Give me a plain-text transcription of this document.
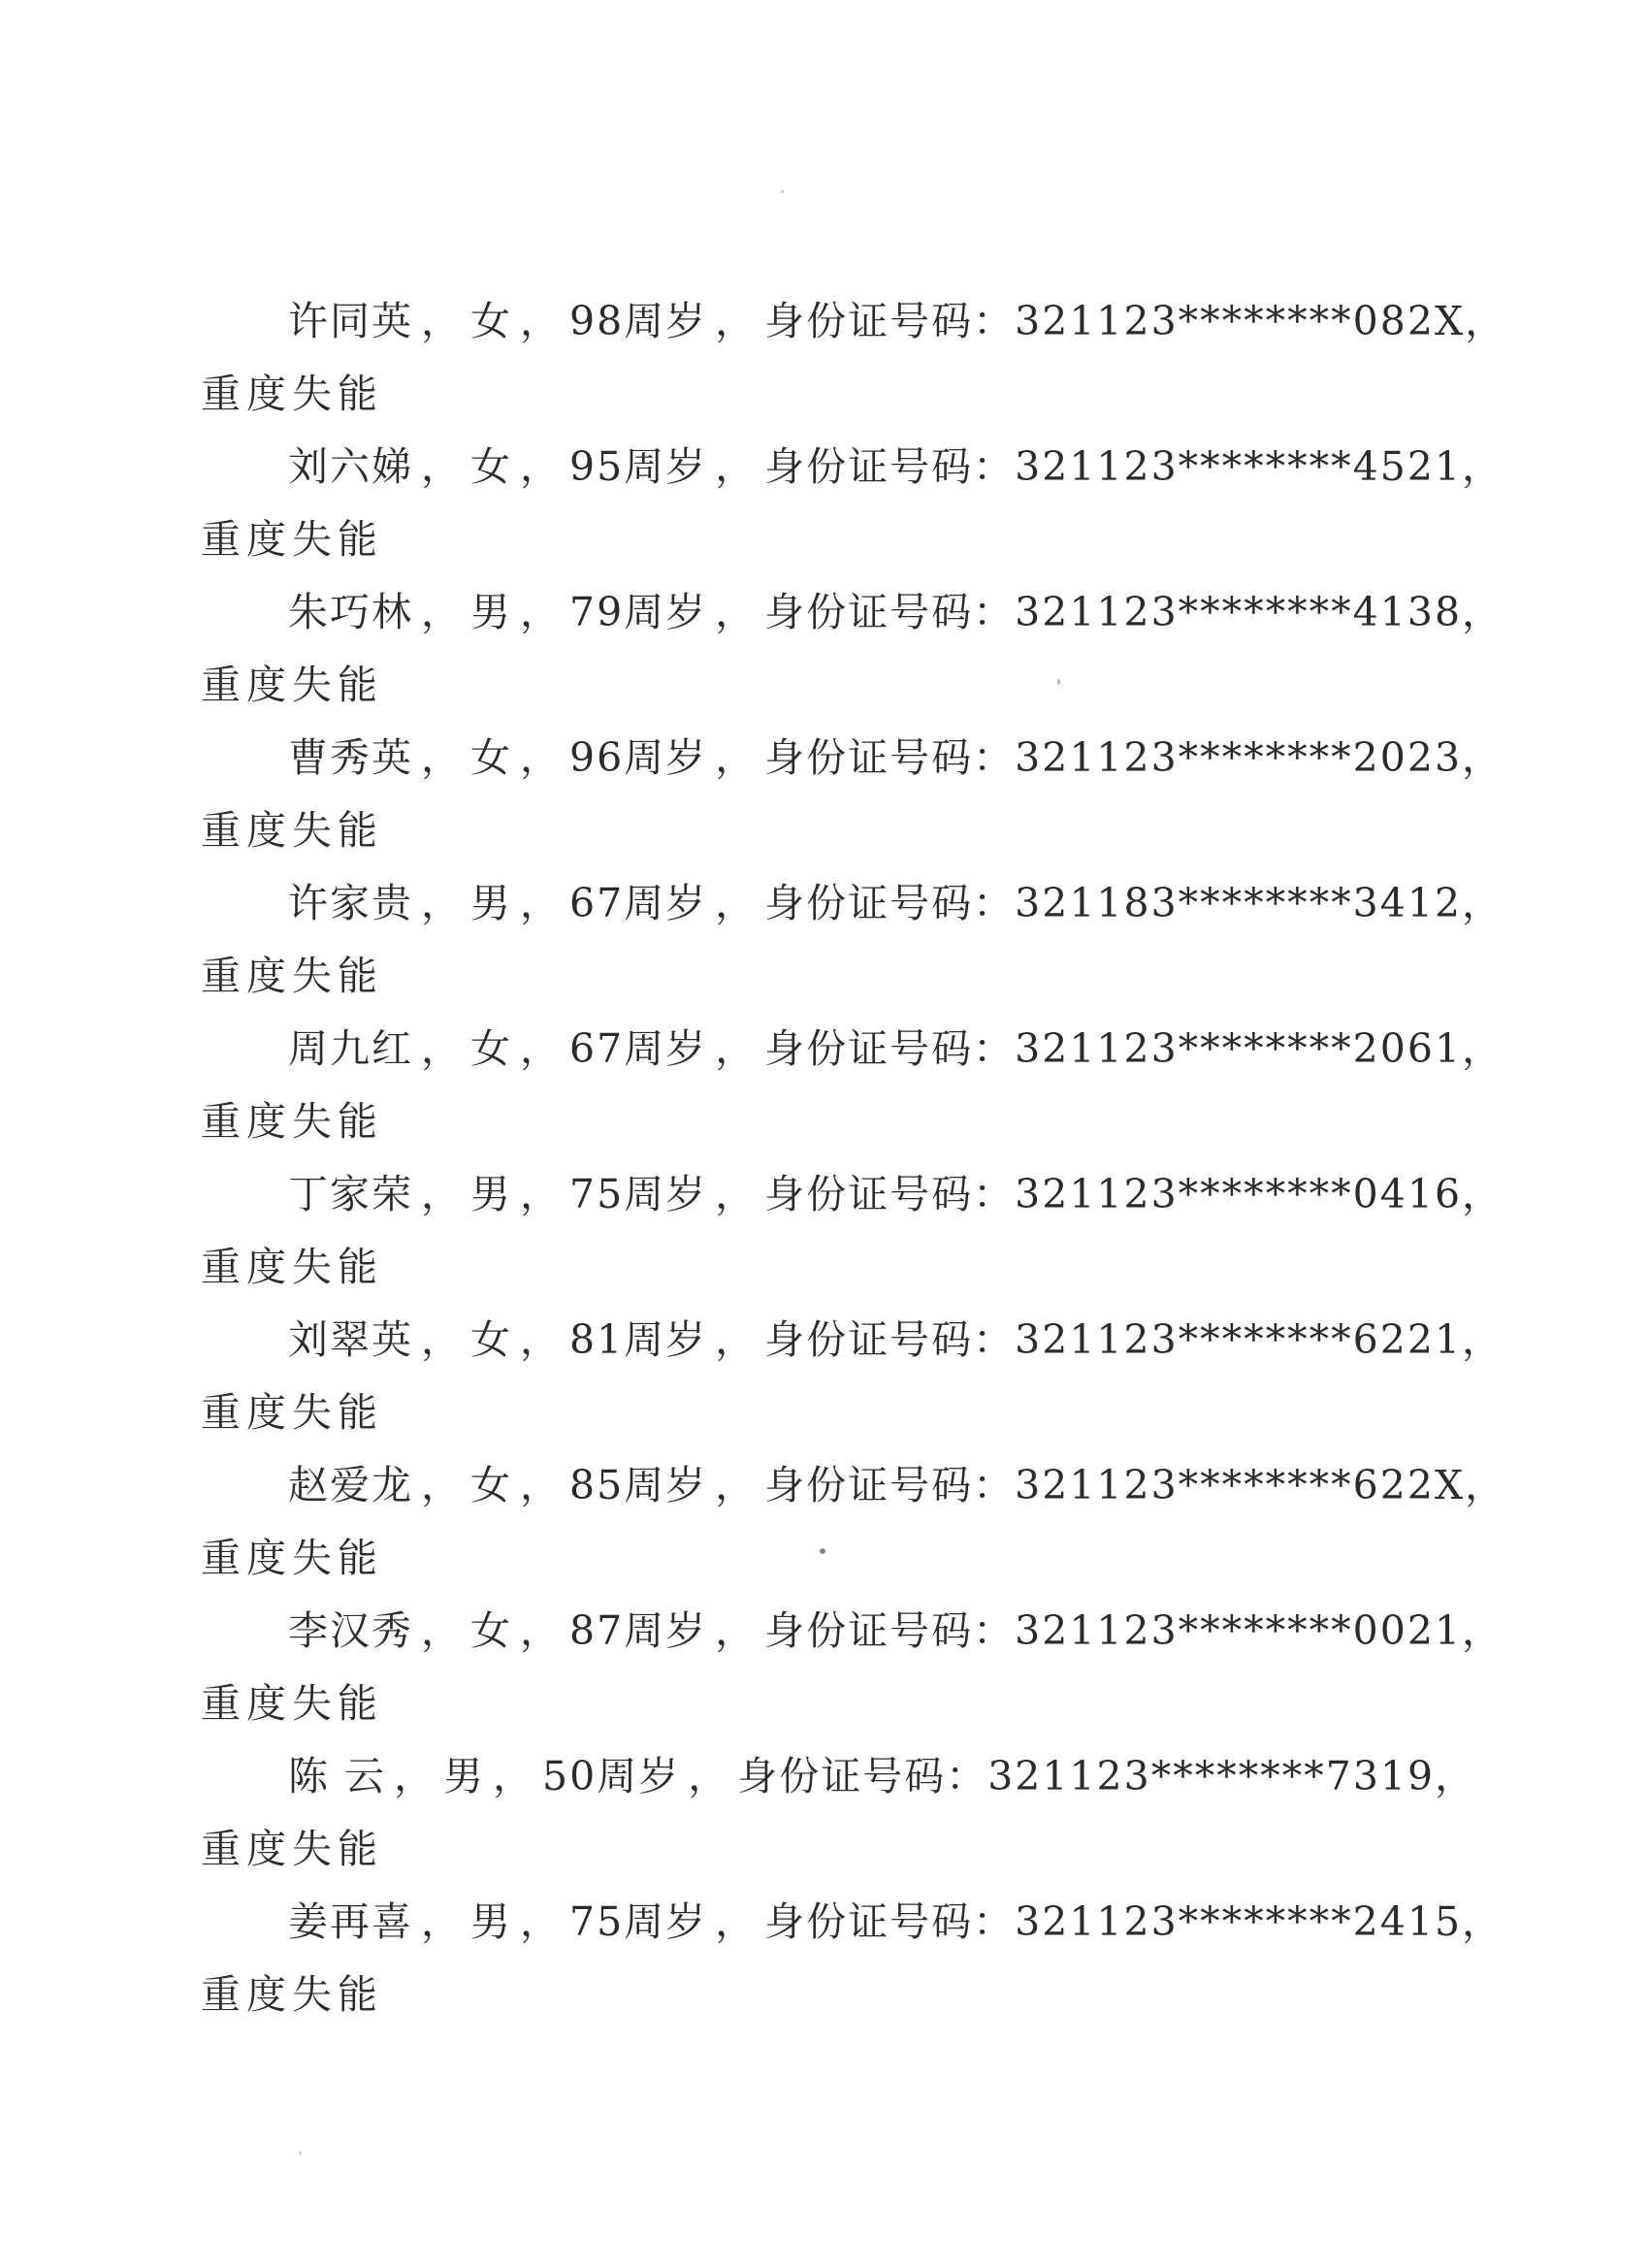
许同英 ， 女 ， 98周岁 ， 身份证号码：321123********082X，
重度失能
刘六娣 ， 女 ， 95周岁 ， 身份证号码：321123********4521，
重度失能
朱巧林 ， 男 ， 79周岁 ， 身份证号码：321123********4138，
重度失能
曹秀英 ， 女 ， 96周岁 ， 身份证号码：321123********2023，
重度失能
许家贵 ， 男 ， 67周岁 ， 身份证号码：321183********3412，
重度失能
周九红 ， 女 ， 67周岁 ， 身份证号码：321123********2061，
重度失能
丁家荣 ， 男 ， 75周岁 ， 身份证号码：321123********0416，
重度失能
刘翠英 ， 女 ， 81周岁 ， 身份证号码：321123********6221，
重度失能
赵爱龙 ， 女 ， 85周岁 ， 身份证号码：321123********622X，
重度失能
李汉秀 ， 女 ， 87周岁 ， 身份证号码：321123********0021，
重度失能
陈 云 ， 男 ， 50周岁 ， 身份证号码：321123********7319，
重度失能
姜再喜 ， 男 ， 75周岁 ， 身份证号码：321123********2415，
重度失能
